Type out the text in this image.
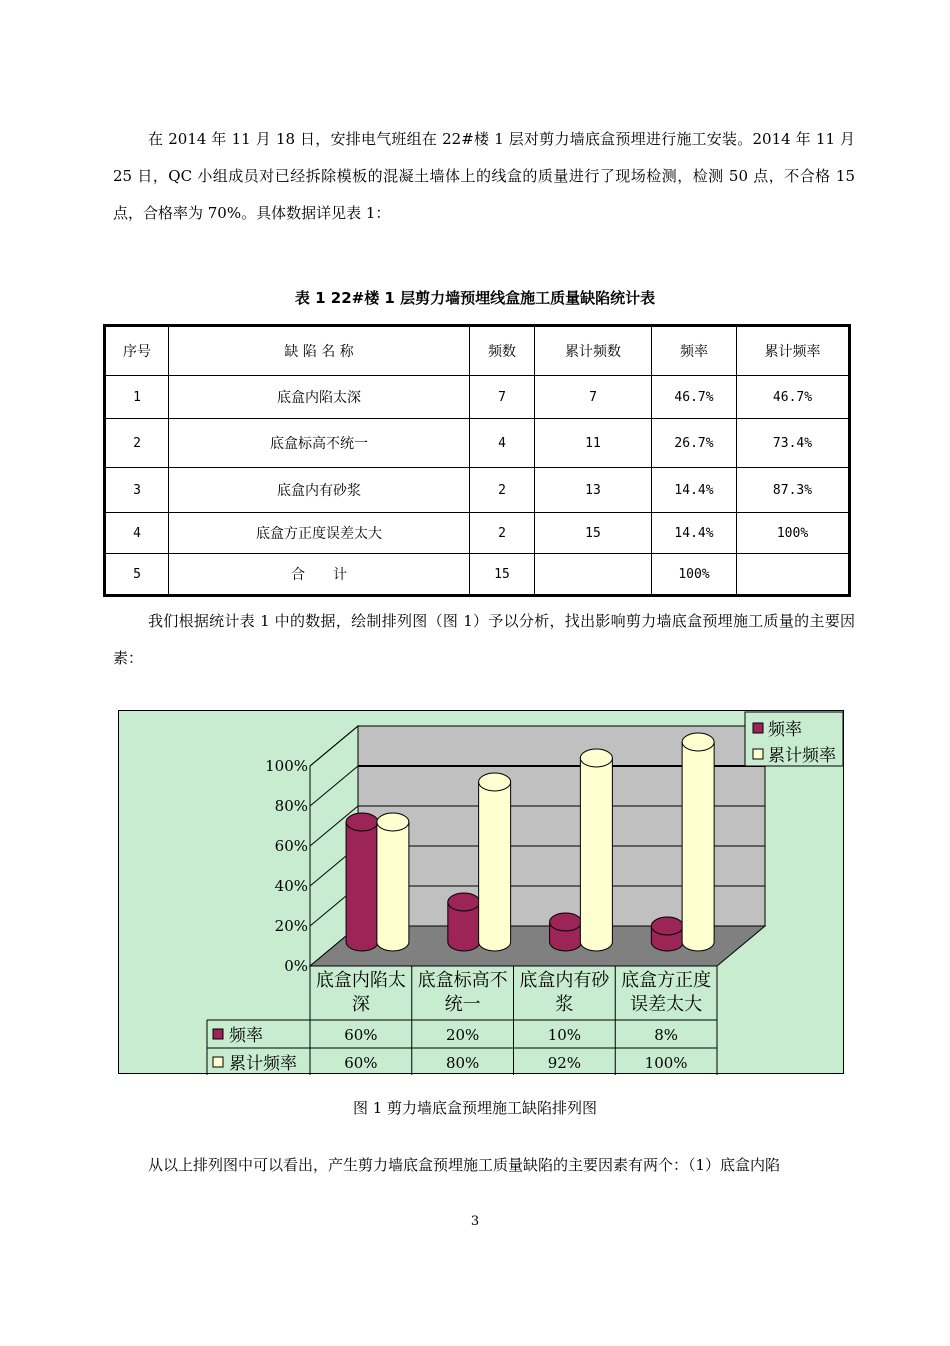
在 2014 年 11 月 18 日，安排电气班组在 22#楼 1 层对剪力墙底盒预埋进行施工安装。2014 年 11 月 25 日，QC 小组成员对已经拆除模板的混凝土墙体上的线盒的质量进行了现场检测，检测 50 点，不合格 15 点，合格率为 70%。具体数据详见表 1：

表 1 22#楼 1 层剪力墙预埋线盒施工质量缺陷统计表
序号	缺 陷 名 称	频数	累计频数	频率	累计频率
1	底盒内陷太深	7	7	46.7%	46.7%
2	底盒标高不统一	4	11	26.7%	73.4%
3	底盒内有砂浆	2	13	14.4%	87.3%
4	底盒方正度误差太大	2	15	14.4%	100%
5	合　　计	15		100%	

我们根据统计表 1 中的数据，绘制排列图（图 1）予以分析，找出影响剪力墙底盒预埋施工质量的主要因素：

0%
20%
40%
60%
80%
100%
底盒内陷太
深
底盒标高不
统一
底盒内有砂
浆
底盒方正度
误差太大
频率	60%	20%	10%	8%
累计频率	60%	80%	92%	100%
频率
累计频率
图 1 剪力墙底盒预埋施工缺陷排列图

从以上排列图中可以看出，产生剪力墙底盒预埋施工质量缺陷的主要因素有两个：（1）底盒内陷

3
